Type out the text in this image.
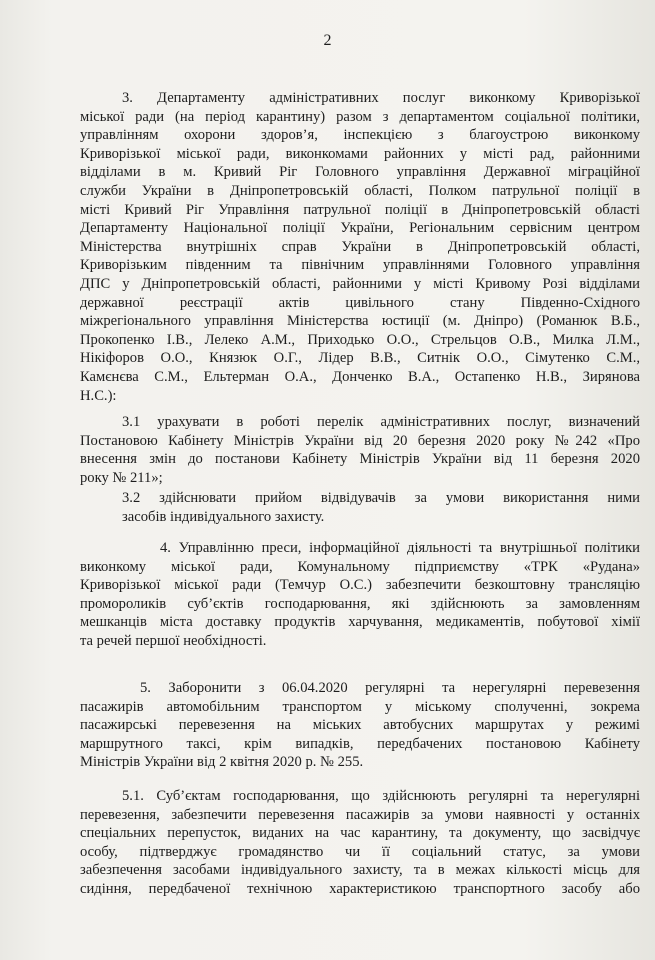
2

3. Департаменту адміністративних послуг виконкому Криворізької
міської ради (на період карантину) разом з департаментом соціальної політики,
управлінням охорони здоров’я, інспекцією з благоустрою виконкому
Криворізької міської ради, виконкомами районних у місті рад, районними
відділами в м. Кривий Ріг Головного управління Державної міграційної
служби України в Дніпропетровській області, Полком патрульної поліції в
місті Кривий Ріг Управління патрульної поліції в Дніпропетровській області
Департаменту Національної поліції України, Регіональним сервісним центром
Міністерства внутрішніх справ України в Дніпропетровській області,
Криворізьким південним та північним управліннями Головного управління
ДПС у Дніпропетровській області, районними у місті Кривому Розі відділами
державної реєстрації актів цивільного стану Південно-Східного
міжрегіонального управління Міністерства юстиції (м. Дніпро) (Романюк В.Б.,
Прокопенко І.В., Лелеко А.М., Приходько О.О., Стрельцов О.В., Милка Л.М.,
Нікіфоров О.О., Князюк О.Г., Лідер В.В., Ситнік О.О., Сімутенко С.М.,
Камєнєва С.М., Ельтерман О.А., Донченко В.А., Остапенко Н.В., Зирянова
Н.С.):

3.1 урахувати в роботі перелік адміністративних послуг, визначений
Постановою Кабінету Міністрів України від 20 березня 2020 року №242 «Про
внесення змін до постанови Кабінету Міністрів України від 11 березня 2020
року № 211»;

3.2 здійснювати прийом відвідувачів за умови використання ними
засобів індивідуального захисту.

4. Управлінню преси, інформаційної діяльності та внутрішньої політики
виконкому міської ради, Комунальному підприємству «ТРК «Рудана»
Криворізької міської ради (Темчур О.С.) забезпечити безкоштовну трансляцію
промороликів суб’єктів господарювання, які здійснюють за замовленням
мешканців міста доставку продуктів харчування, медикаментів, побутової хімії
та речей першої необхідності.

5. Заборонити з 06.04.2020 регулярні та нерегулярні перевезення
пасажирів автомобільним транспортом у міському сполученні, зокрема
пасажирські перевезення на міських автобусних маршрутах у режимі
маршрутного таксі, крім випадків, передбачених постановою Кабінету
Міністрів України від 2 квітня 2020 р. № 255.

5.1. Суб’єктам господарювання, що здійснюють регулярні та нерегулярні
перевезення, забезпечити перевезення пасажирів за умови наявності у останніх
спеціальних перепусток, виданих на час карантину, та документу, що засвідчує
особу, підтверджує громадянство чи її соціальний статус, за умови
забезпечення засобами індивідуального захисту, та в межах кількості місць для
сидіння, передбаченої технічною характеристикою транспортного засобу або
